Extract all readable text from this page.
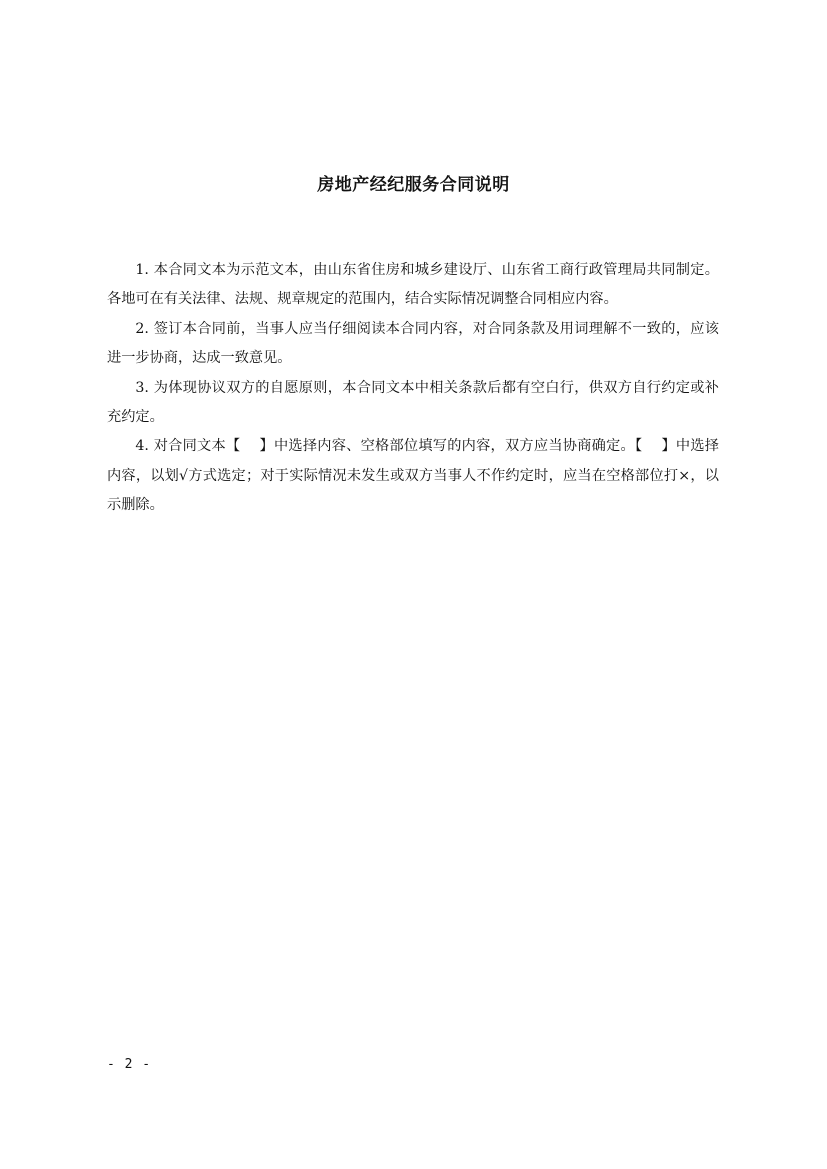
房地产经纪服务合同说明

1. 本合同文本为示范文本，由山东省住房和城乡建设厅、山东省工商行政管理局共同制定。各地可在有关法律、法规、规章规定的范围内，结合实际情况调整合同相应内容。

2. 签订本合同前，当事人应当仔细阅读本合同内容，对合同条款及用词理解不一致的，应该进一步协商，达成一致意见。

3. 为体现协议双方的自愿原则，本合同文本中相关条款后都有空白行，供双方自行约定或补充约定。

4. 对合同文本【　 】中选择内容、空格部位填写的内容，双方应当协商确定。【　 】中选择内容，以划√方式选定；对于实际情况未发生或双方当事人不作约定时，应当在空格部位打×，以示删除。

- 2 -
